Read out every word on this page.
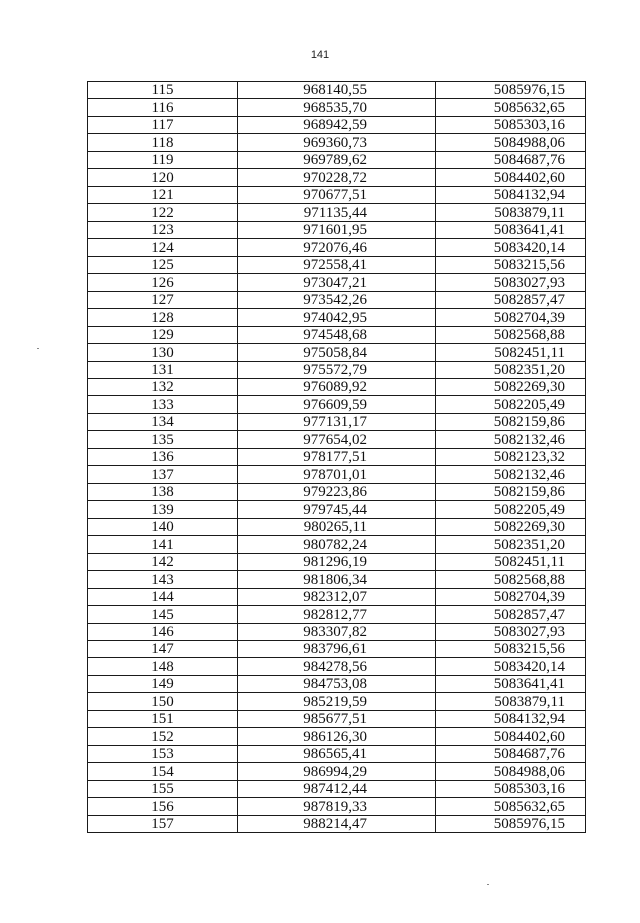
141
115	968140,55	5085976,15
116	968535,70	5085632,65
117	968942,59	5085303,16
118	969360,73	5084988,06
119	969789,62	5084687,76
120	970228,72	5084402,60
121	970677,51	5084132,94
122	971135,44	5083879,11
123	971601,95	5083641,41
124	972076,46	5083420,14
125	972558,41	5083215,56
126	973047,21	5083027,93
127	973542,26	5082857,47
128	974042,95	5082704,39
129	974548,68	5082568,88
130	975058,84	5082451,11
131	975572,79	5082351,20
132	976089,92	5082269,30
133	976609,59	5082205,49
134	977131,17	5082159,86
135	977654,02	5082132,46
136	978177,51	5082123,32
137	978701,01	5082132,46
138	979223,86	5082159,86
139	979745,44	5082205,49
140	980265,11	5082269,30
141	980782,24	5082351,20
142	981296,19	5082451,11
143	981806,34	5082568,88
144	982312,07	5082704,39
145	982812,77	5082857,47
146	983307,82	5083027,93
147	983796,61	5083215,56
148	984278,56	5083420,14
149	984753,08	5083641,41
150	985219,59	5083879,11
151	985677,51	5084132,94
152	986126,30	5084402,60
153	986565,41	5084687,76
154	986994,29	5084988,06
155	987412,44	5085303,16
156	987819,33	5085632,65
157	988214,47	5085976,15
